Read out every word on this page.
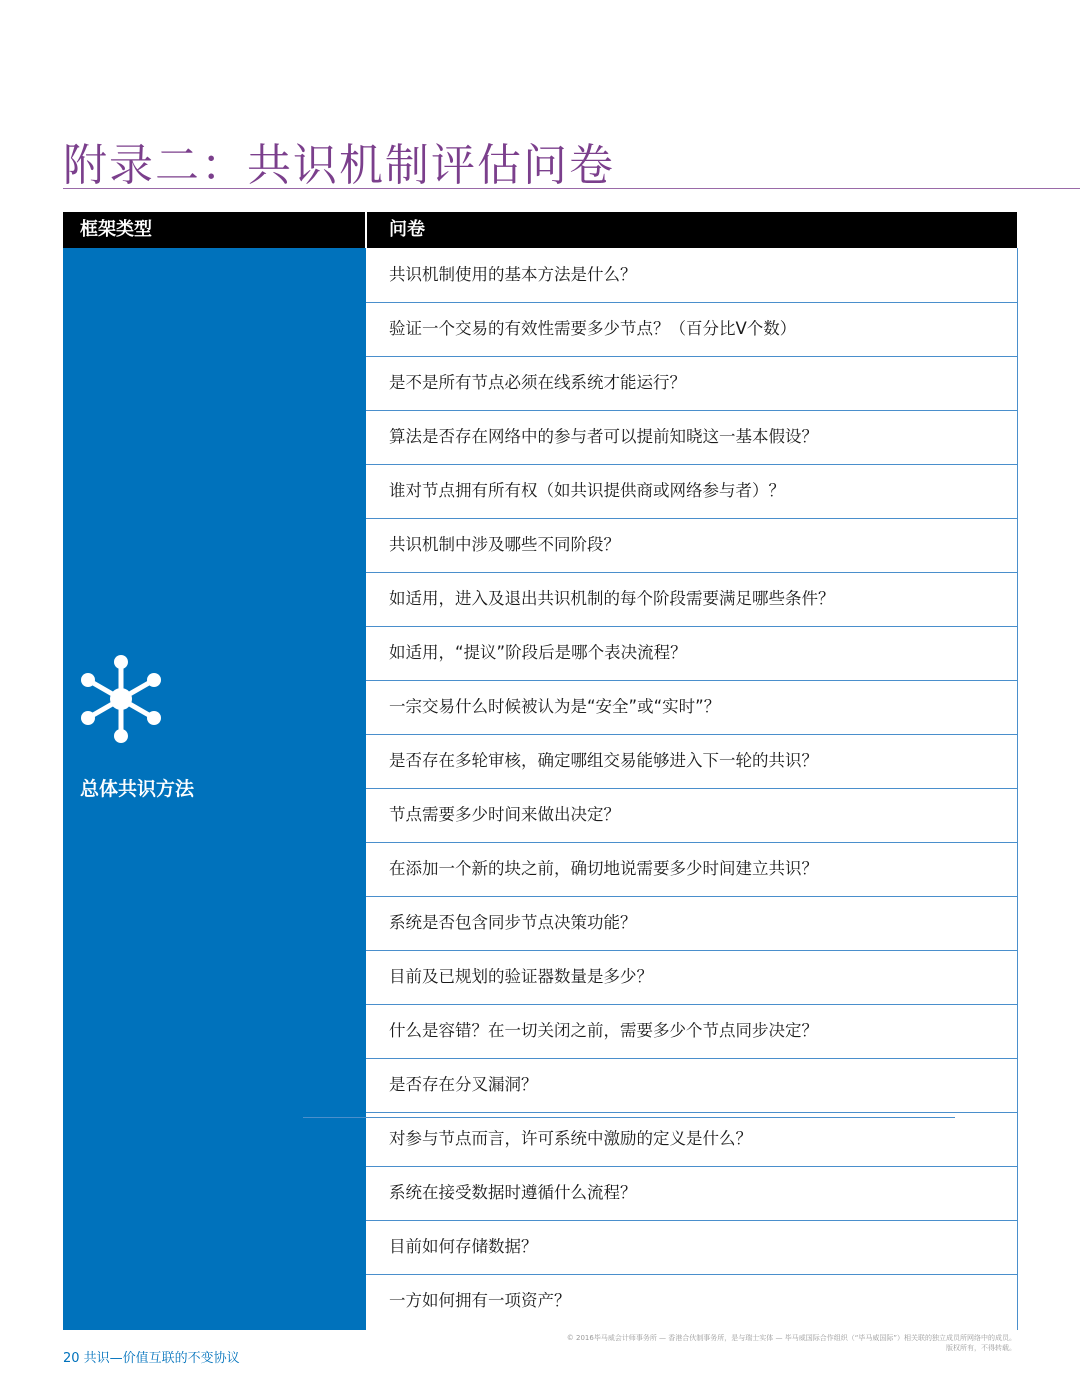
附录二：共识机制评估问卷
框架类型	问卷
总体共识方法
共识机制使用的基本方法是什么？
验证一个交易的有效性需要多少节点？（百分比V个数）
是不是所有节点必须在线系统才能运行？
算法是否存在网络中的参与者可以提前知晓这一基本假设？
谁对节点拥有所有权（如共识提供商或网络参与者）？
共识机制中涉及哪些不同阶段？
如适用，进入及退出共识机制的每个阶段需要满足哪些条件？
如适用，“提议”阶段后是哪个表决流程？
一宗交易什么时候被认为是“安全”或“实时”？
是否存在多轮审核，确定哪组交易能够进入下一轮的共识？
节点需要多少时间来做出决定？
在添加一个新的块之前，确切地说需要多少时间建立共识？
系统是否包含同步节点决策功能？
目前及已规划的验证器数量是多少？
什么是容错？在一切关闭之前，需要多少个节点同步决定？
是否存在分叉漏洞？
对参与节点而言，许可系统中激励的定义是什么？
系统在接受数据时遵循什么流程？
目前如何存储数据？
一方如何拥有一项资产？
20 共识—价值互联的不变协议
© 2016毕马威会计师事务所 — 香港合伙制事务所，是与瑞士实体 — 毕马威国际合作组织（“毕马威国际”）相关联的独立成员所网络中的成员。版权所有，不得转载。
